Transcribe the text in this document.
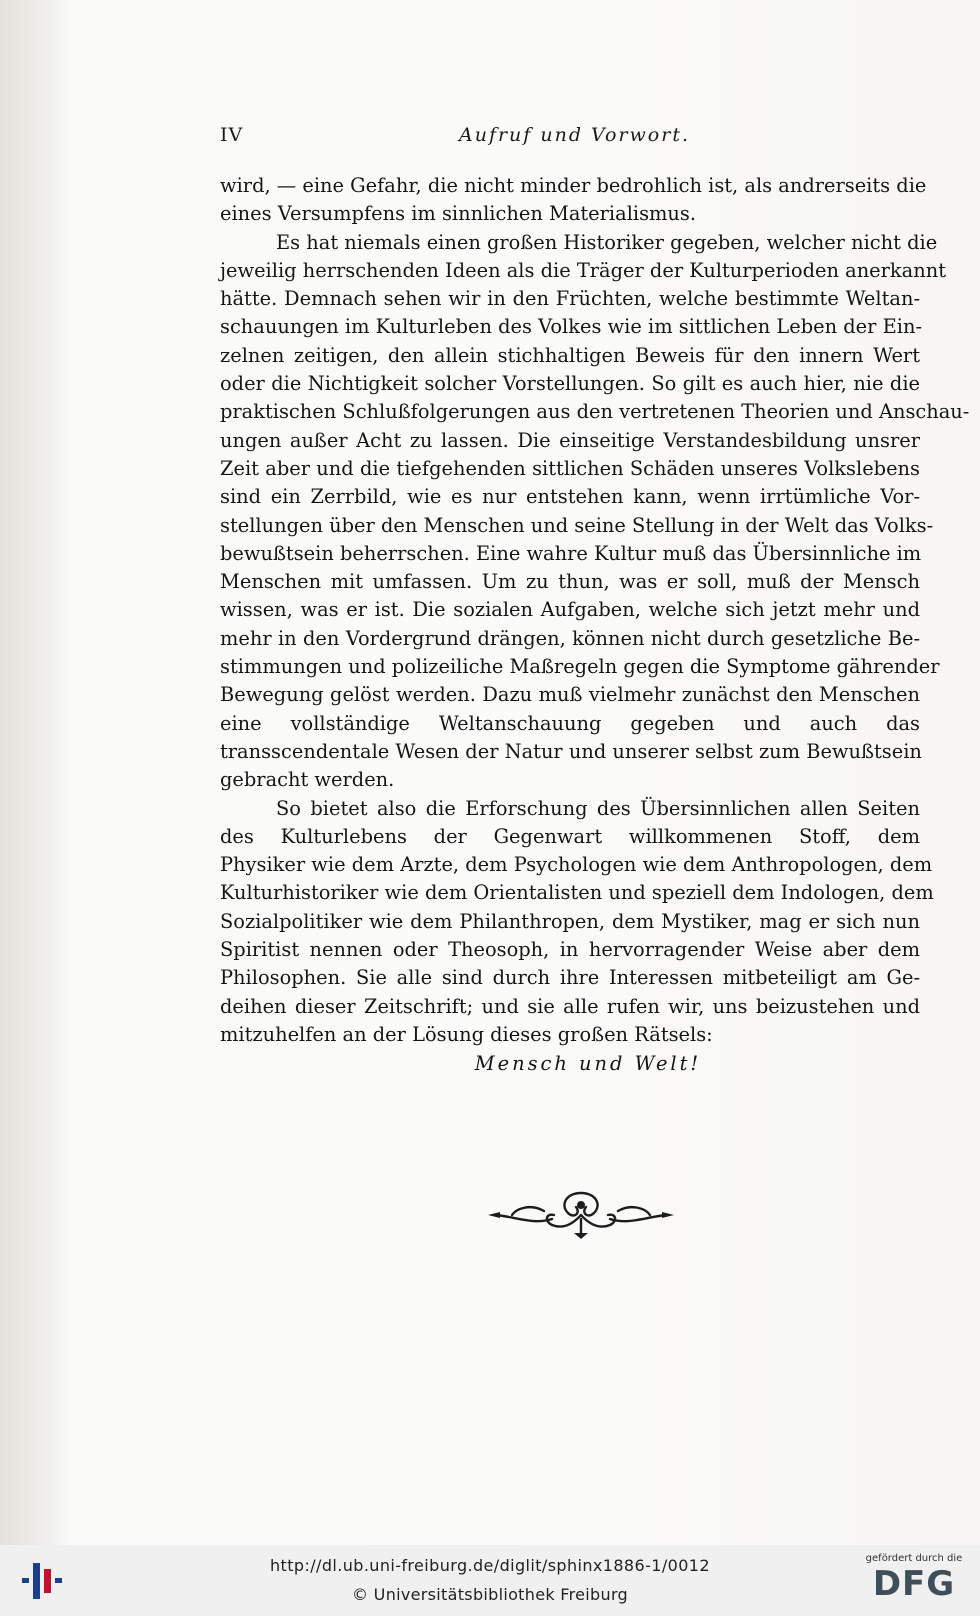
IV	Aufruf und Vorwort.

wird, — eine Gefahr, die nicht minder bedrohlich ist, als andrerseits die
eines Versumpfens im sinnlichen Materialismus.

Es hat niemals einen großen Historiker gegeben, welcher nicht die
jeweilig herrschenden Ideen als die Träger der Kulturperioden anerkannt
hätte. Demnach sehen wir in den Früchten, welche bestimmte Weltan-
schauungen im Kulturleben des Volkes wie im sittlichen Leben der Ein-
zelnen zeitigen, den allein stichhaltigen Beweis für den innern Wert
oder die Nichtigkeit solcher Vorstellungen. So gilt es auch hier, nie die
praktischen Schlußfolgerungen aus den vertretenen Theorien und Anschau-
ungen außer Acht zu lassen. Die einseitige Verstandesbildung unsrer
Zeit aber und die tiefgehenden sittlichen Schäden unseres Volkslebens
sind ein Zerrbild, wie es nur entstehen kann, wenn irrtümliche Vor-
stellungen über den Menschen und seine Stellung in der Welt das Volks-
bewußtsein beherrschen. Eine wahre Kultur muß das Übersinnliche im
Menschen mit umfassen. Um zu thun, was er soll, muß der Mensch
wissen, was er ist. Die sozialen Aufgaben, welche sich jetzt mehr und
mehr in den Vordergrund drängen, können nicht durch gesetzliche Be-
stimmungen und polizeiliche Maßregeln gegen die Symptome gährender
Bewegung gelöst werden. Dazu muß vielmehr zunächst den Menschen
eine vollständige Weltanschauung gegeben und auch das
transscendentale Wesen der Natur und unserer selbst zum Bewußtsein
gebracht werden.

So bietet also die Erforschung des Übersinnlichen allen Seiten
des Kulturlebens der Gegenwart willkommenen Stoff, dem
Physiker wie dem Arzte, dem Psychologen wie dem Anthropologen, dem
Kulturhistoriker wie dem Orientalisten und speziell dem Indologen, dem
Sozialpolitiker wie dem Philanthropen, dem Mystiker, mag er sich nun
Spiritist nennen oder Theosoph, in hervorragender Weise aber dem
Philosophen. Sie alle sind durch ihre Interessen mitbeteiligt am Ge-
deihen dieser Zeitschrift; und sie alle rufen wir, uns beizustehen und
mitzuhelfen an der Lösung dieses großen Rätsels:

Mensch und Welt!
http://dl.ub.uni-freiburg.de/diglit/sphinx1886-1/0012
© Universitätsbibliothek Freiburg
gefördert durch die
DFG
